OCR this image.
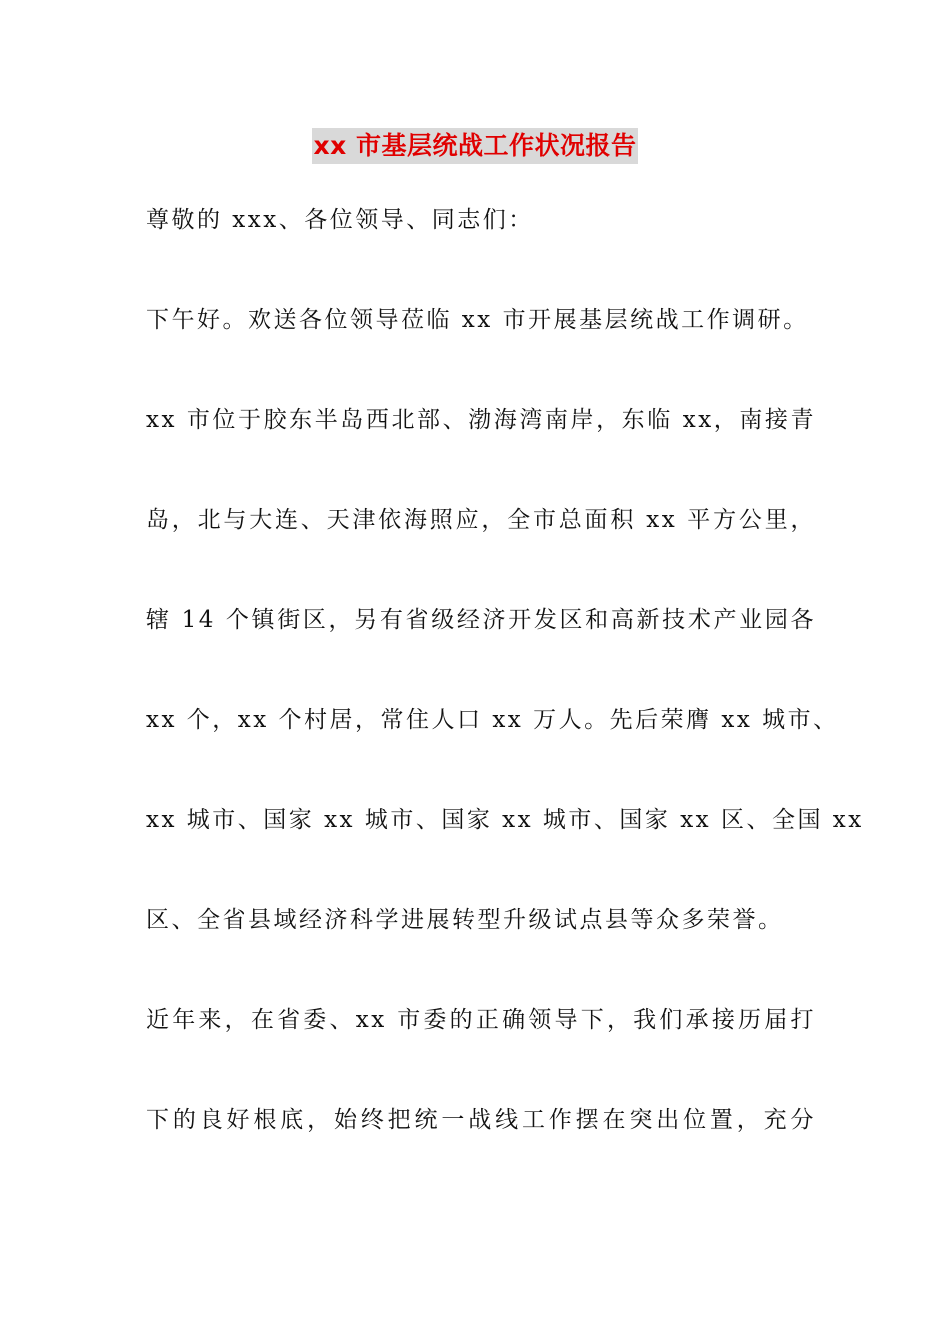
xx 市基层统战工作状况报告
尊敬的 xxx、各位领导、同志们：
下午好。欢送各位领导莅临 xx 市开展基层统战工作调研。
xx 市位于胶东半岛西北部、渤海湾南岸，东临 xx，南接青
岛，北与大连、天津依海照应，全市总面积 xx 平方公里，
辖 14 个镇街区，另有省级经济开发区和高新技术产业园各
xx 个，xx 个村居，常住人口 xx 万人。先后荣膺 xx 城市、
xx 城市、国家 xx 城市、国家 xx 城市、国家 xx 区、全国 xx
区、全省县域经济科学进展转型升级试点县等众多荣誉。
近年来，在省委、xx 市委的正确领导下，我们承接历届打
下的良好根底，始终把统一战线工作摆在突出位置，充分
